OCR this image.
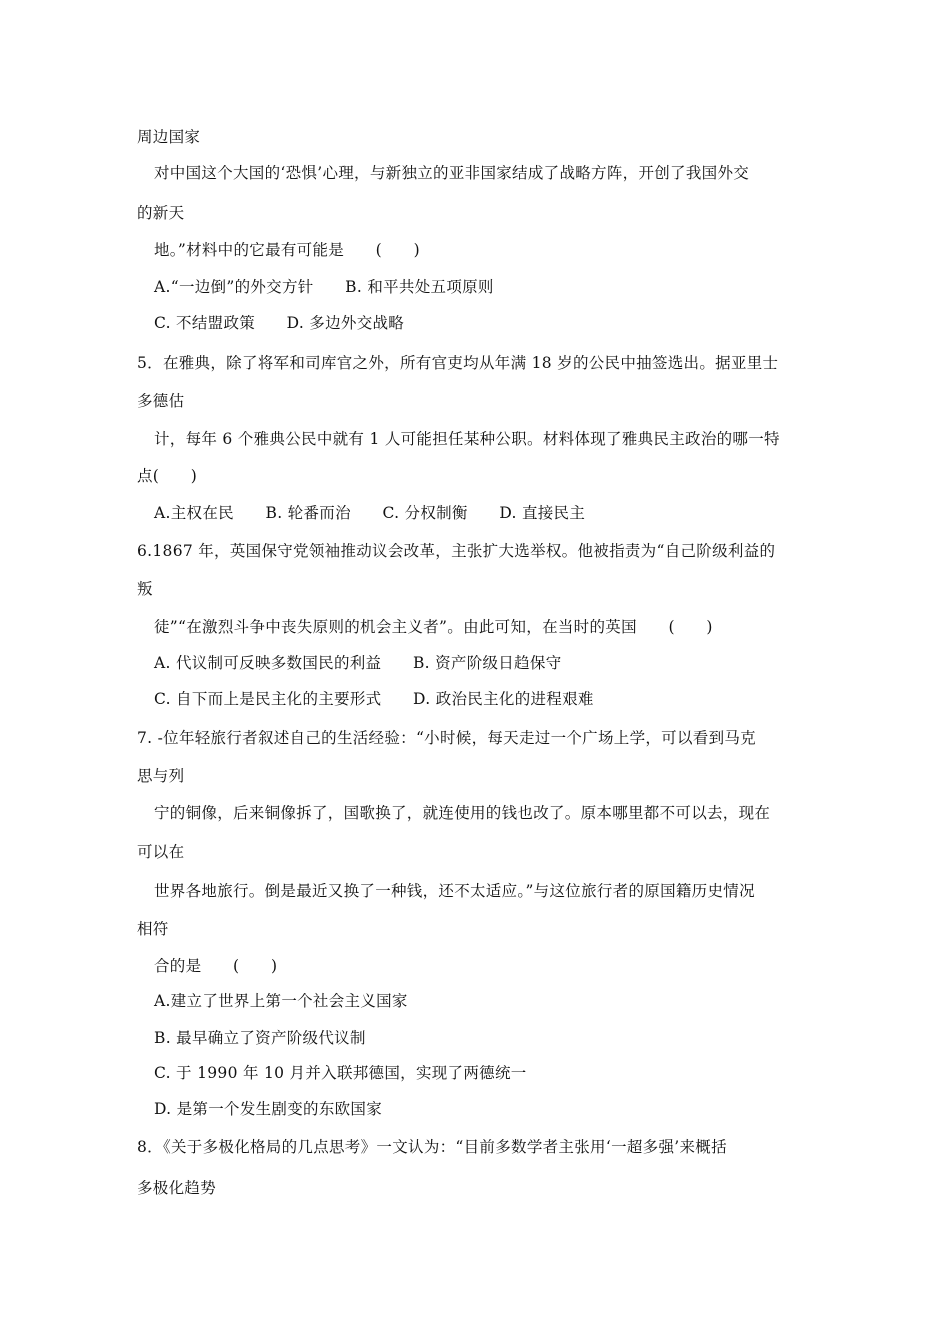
周边国家
对中国这个大国的‘恐惧’心理，与新独立的亚非国家结成了战略方阵，开创了我国外交
的新天
地。”材料中的它最有可能是　　(　　)
A.“一边倒”的外交方针　　B. 和平共处五项原则
C. 不结盟政策　　D. 多边外交战略
5．在雅典，除了将军和司库官之外，所有官吏均从年满 18 岁的公民中抽签选出。据亚里士
多德估
计，每年 6 个雅典公民中就有 1 人可能担任某种公职。材料体现了雅典民主政治的哪一特
点(　　)
A.主权在民　　B. 轮番而治　　C. 分权制衡　　D. 直接民主
6.1867 年，英国保守党领袖推动议会改革，主张扩大选举权。他被指责为“自己阶级利益的
叛
徒”“在激烈斗争中丧失原则的机会主义者”。由此可知，在当时的英国　　(　　)
A. 代议制可反映多数国民的利益　　B. 资产阶级日趋保守
C. 自下而上是民主化的主要形式　　D. 政治民主化的进程艰难
7. -位年轻旅行者叙述自己的生活经验：“小时候，每天走过一个广场上学，可以看到马克
思与列
宁的铜像，后来铜像拆了，国歌换了，就连使用的钱也改了。原本哪里都不可以去，现在
可以在
世界各地旅行。倒是最近又换了一种钱，还不太适应。”与这位旅行者的原国籍历史情况
相符
合的是　　(　　)
A.建立了世界上第一个社会主义国家
B. 最早确立了资产阶级代议制
C. 于 1990 年 10 月并入联邦德国，实现了两德统一
D. 是第一个发生剧变的东欧国家
8．《关于多极化格局的几点思考》一文认为：“目前多数学者主张用‘一超多强’来概括
多极化趋势
